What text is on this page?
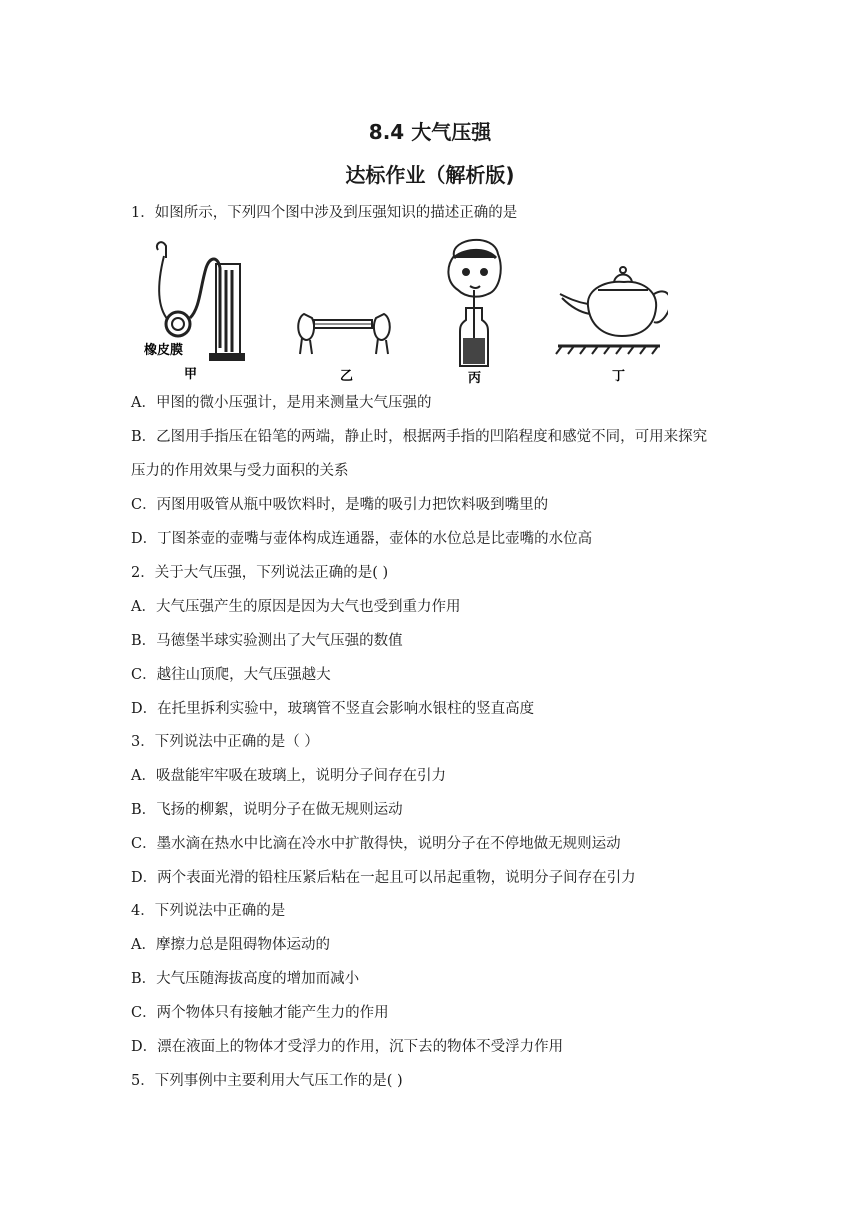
8.4 大气压强
达标作业（解析版)
1．如图所示，下列四个图中涉及到压强知识的描述正确的是
橡皮膜
甲	乙	丙	丁
A．甲图的微小压强计，是用来测量大气压强的
B．乙图用手指压在铅笔的两端，静止时，根据两手指的凹陷程度和感觉不同，可用来探究
压力的作用效果与受力面积的关系
C．丙图用吸管从瓶中吸饮料时，是嘴的吸引力把饮料吸到嘴里的
D．丁图茶壶的壶嘴与壶体构成连通器，壶体的水位总是比壶嘴的水位高
2．关于大气压强，下列说法正确的是( )
A．大气压强产生的原因是因为大气也受到重力作用
B．马德堡半球实验测出了大气压强的数值
C．越往山顶爬，大气压强越大
D．在托里拆利实验中，玻璃管不竖直会影响水银柱的竖直高度
3．下列说法中正确的是（ ）
A．吸盘能牢牢吸在玻璃上，说明分子间存在引力
B．飞扬的柳絮，说明分子在做无规则运动
C．墨水滴在热水中比滴在冷水中扩散得快，说明分子在不停地做无规则运动
D．两个表面光滑的铅柱压紧后粘在一起且可以吊起重物，说明分子间存在引力
4．下列说法中正确的是
A．摩擦力总是阻碍物体运动的
B．大气压随海拔高度的增加而减小
C．两个物体只有接触才能产生力的作用
D．漂在液面上的物体才受浮力的作用，沉下去的物体不受浮力作用
5．下列事例中主要利用大气压工作的是( )
